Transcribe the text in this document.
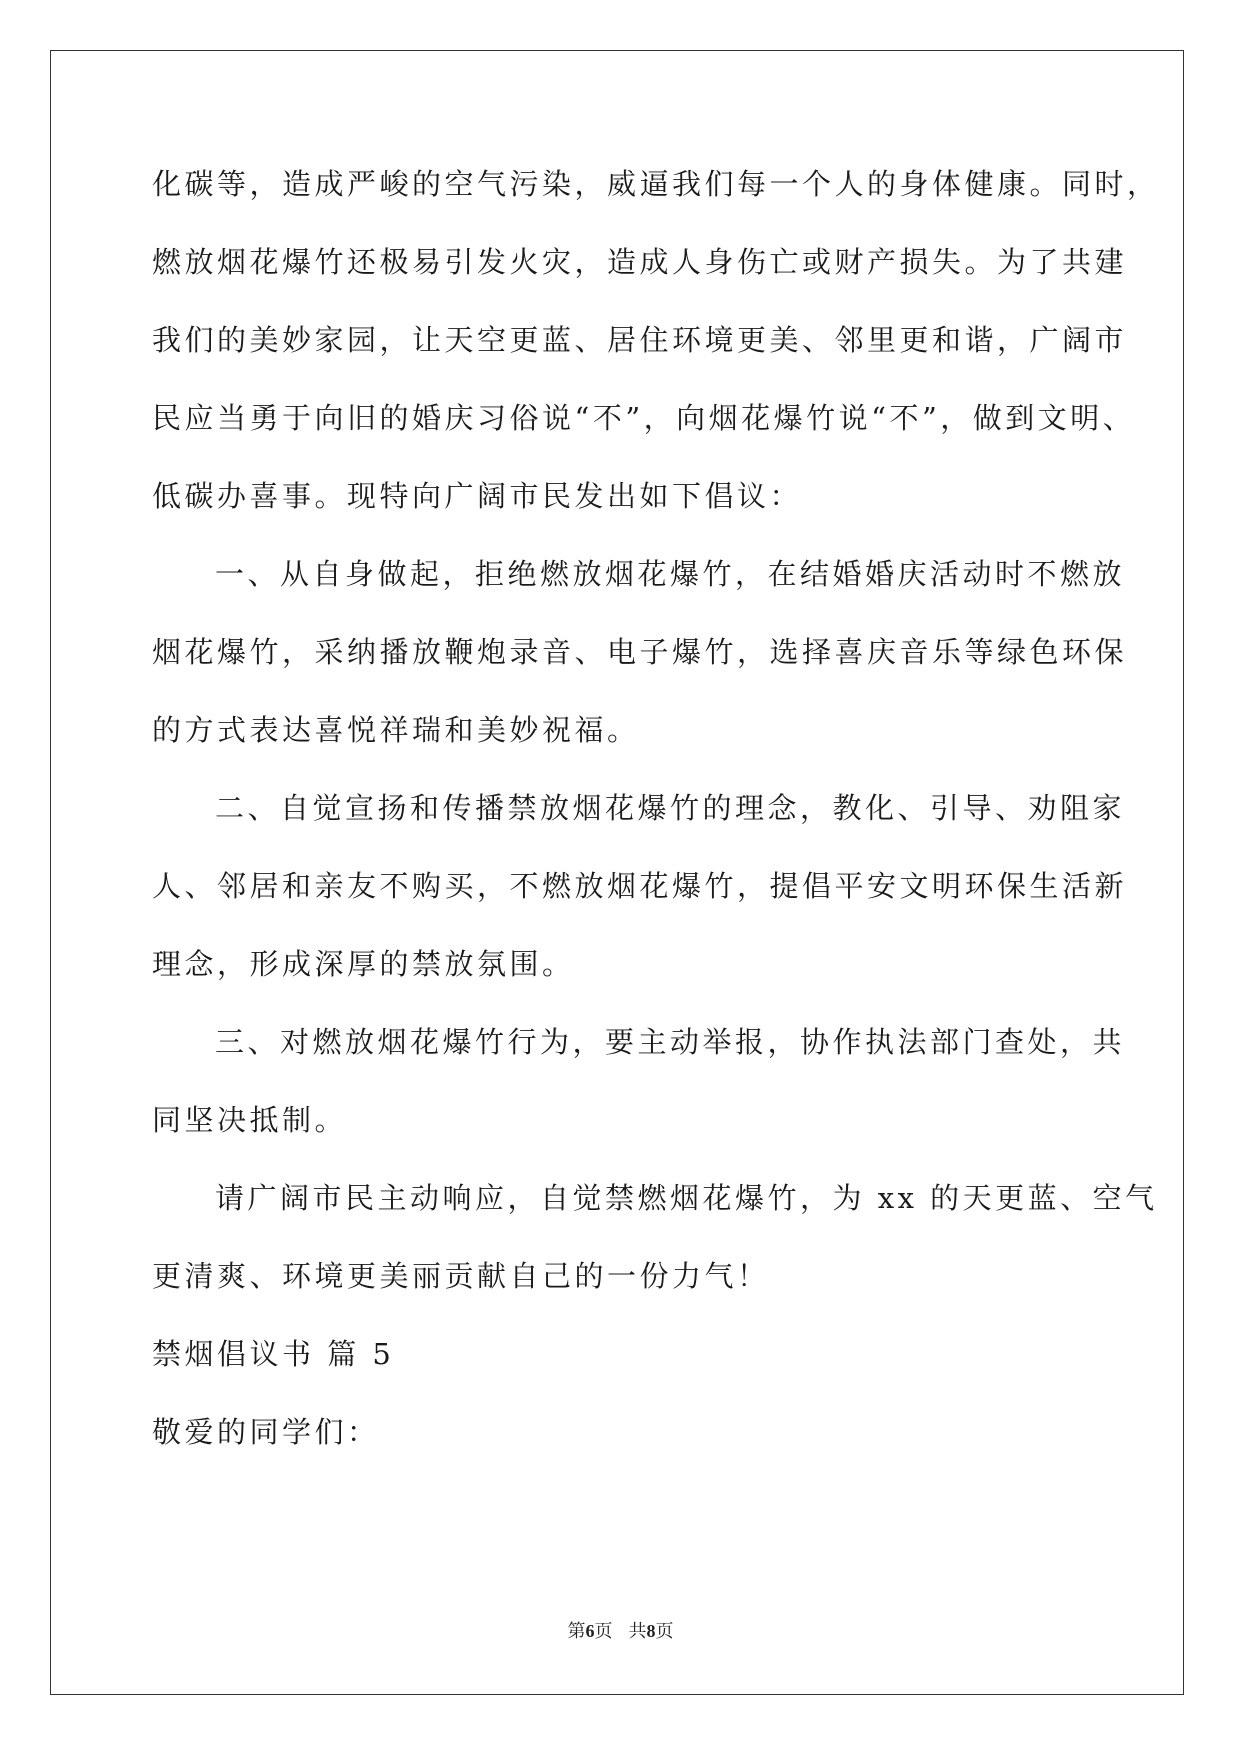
化碳等，造成严峻的空气污染，威逼我们每一个人的身体健康。同时，
燃放烟花爆竹还极易引发火灾，造成人身伤亡或财产损失。为了共建
我们的美妙家园，让天空更蓝、居住环境更美、邻里更和谐，广阔市
民应当勇于向旧的婚庆习俗说“不”，向烟花爆竹说“不”，做到文明、
低碳办喜事。现特向广阔市民发出如下倡议：
一、从自身做起，拒绝燃放烟花爆竹，在结婚婚庆活动时不燃放
烟花爆竹，采纳播放鞭炮录音、电子爆竹，选择喜庆音乐等绿色环保
的方式表达喜悦祥瑞和美妙祝福。
二、自觉宣扬和传播禁放烟花爆竹的理念，教化、引导、劝阻家
人、邻居和亲友不购买，不燃放烟花爆竹，提倡平安文明环保生活新
理念，形成深厚的禁放氛围。
三、对燃放烟花爆竹行为，要主动举报，协作执法部门查处，共
同坚决抵制。
请广阔市民主动响应，自觉禁燃烟花爆竹，为 xx 的天更蓝、空气
更清爽、环境更美丽贡献自己的一份力气！
禁烟倡议书 篇 5
敬爱的同学们：
第6页 共8页
